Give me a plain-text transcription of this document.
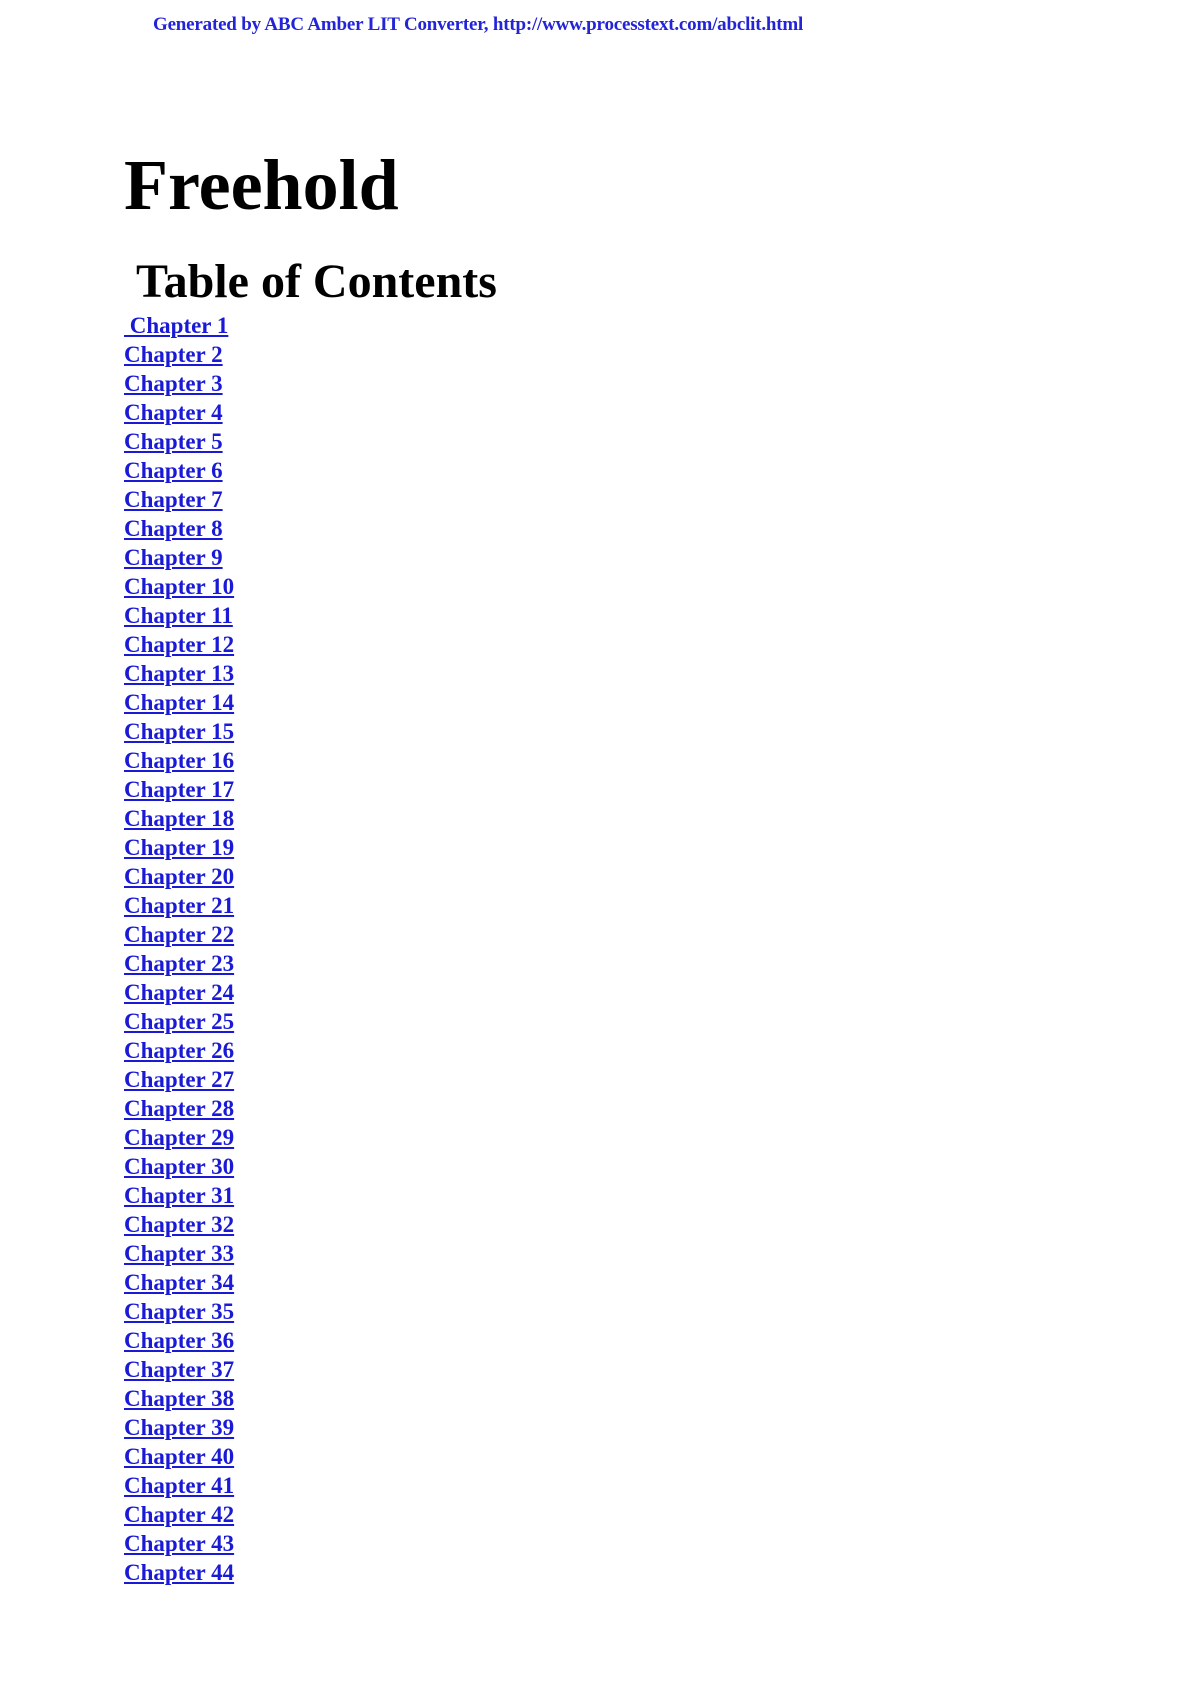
Generated by ABC Amber LIT Converter, http://www.processtext.com/abclit.html

Freehold
Table of Contents
Chapter 1
Chapter 2
Chapter 3
Chapter 4
Chapter 5
Chapter 6
Chapter 7
Chapter 8
Chapter 9
Chapter 10
Chapter 11
Chapter 12
Chapter 13
Chapter 14
Chapter 15
Chapter 16
Chapter 17
Chapter 18
Chapter 19
Chapter 20
Chapter 21
Chapter 22
Chapter 23
Chapter 24
Chapter 25
Chapter 26
Chapter 27
Chapter 28
Chapter 29
Chapter 30
Chapter 31
Chapter 32
Chapter 33
Chapter 34
Chapter 35
Chapter 36
Chapter 37
Chapter 38
Chapter 39
Chapter 40
Chapter 41
Chapter 42
Chapter 43
Chapter 44
